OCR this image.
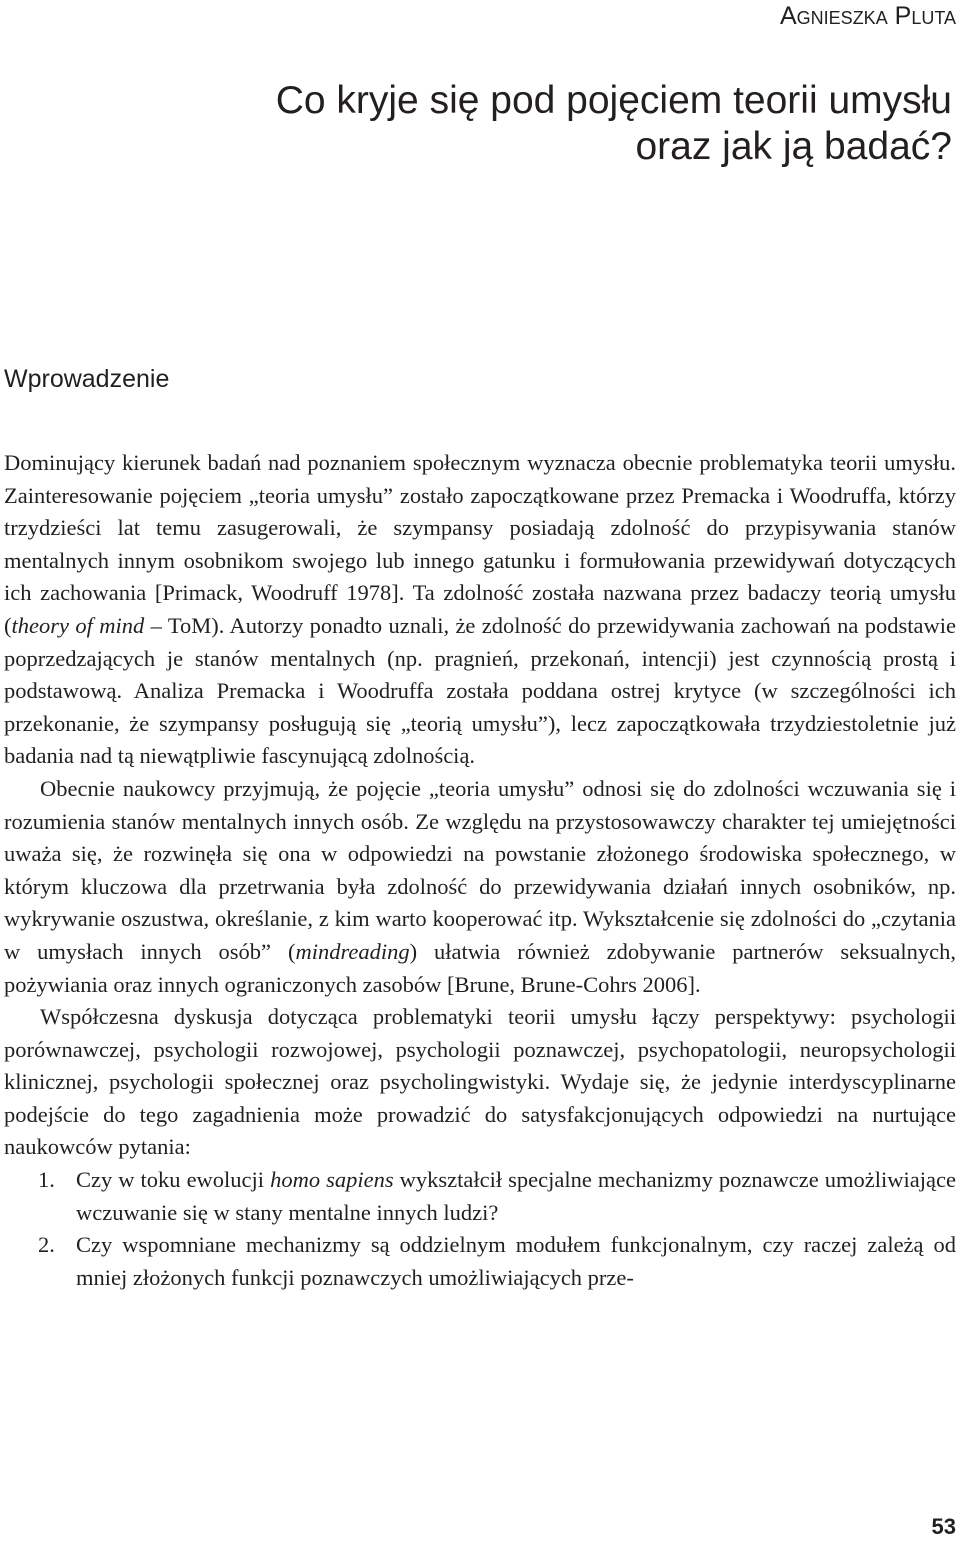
Agnieszka Pluta
Co kryje się pod pojęciem teorii umysłu
oraz jak ją badać?
Wprowadzenie

Dominujący kierunek badań nad poznaniem społecznym wyznacza obecnie problematyka teorii umysłu. Zainteresowanie pojęciem „teoria umysłu” zostało zapoczątkowane przez Premacka i Woodruffa, którzy trzydzieści lat temu zasugerowali, że szympansy posiadają zdolność do przypisywania stanów mentalnych innym osobnikom swojego lub innego gatunku i formułowania przewidywań dotyczących ich zachowania [Primack, Woodruff 1978]. Ta zdolność została nazwana przez badaczy teorią umysłu (theory of mind – ToM). Autorzy ponadto uznali, że zdolność do przewidywania zachowań na podstawie poprzedzających je stanów mentalnych (np. pragnień, przekonań, intencji) jest czynnością prostą i podstawową. Analiza Premacka i Woodruffa została poddana ostrej krytyce (w szczególności ich przekonanie, że szympansy posługują się „teorią umysłu”), lecz zapoczątkowała trzydziestoletnie już badania nad tą niewątpliwie fascynującą zdolnością.

Obecnie naukowcy przyjmują, że pojęcie „teoria umysłu” odnosi się do zdolności wczuwania się i rozumienia stanów mentalnych innych osób. Ze względu na przystosowawczy charakter tej umiejętności uważa się, że rozwinęła się ona w odpowiedzi na powstanie złożonego środowiska społecznego, w którym kluczowa dla przetrwania była zdolność do przewidywania działań innych osobników, np. wykrywanie oszustwa, określanie, z kim warto kooperować itp. Wykształcenie się zdolności do „czytania w umysłach innych osób” (mindreading) ułatwia również zdobywanie partnerów seksualnych, pożywiania oraz innych ograniczonych zasobów [Brune, Brune-Cohrs 2006].

Współczesna dyskusja dotycząca problematyki teorii umysłu łączy perspektywy: psychologii porównawczej, psychologii rozwojowej, psychologii poznawczej, psychopatologii, neuropsychologii klinicznej, psychologii społecznej oraz psycholingwistyki. Wydaje się, że jedynie interdyscyplinarne podejście do tego zagadnienia może prowadzić do satysfakcjonujących odpowiedzi na nurtujące naukowców pytania:

1. Czy w toku ewolucji homo sapiens wykształcił specjalne mechanizmy poznawcze umożliwiające wczuwanie się w stany mentalne innych ludzi?
2. Czy wspomniane mechanizmy są oddzielnym modułem funkcjonalnym, czy raczej zależą od mniej złożonych funkcji poznawczych umożliwiających prze-
53
